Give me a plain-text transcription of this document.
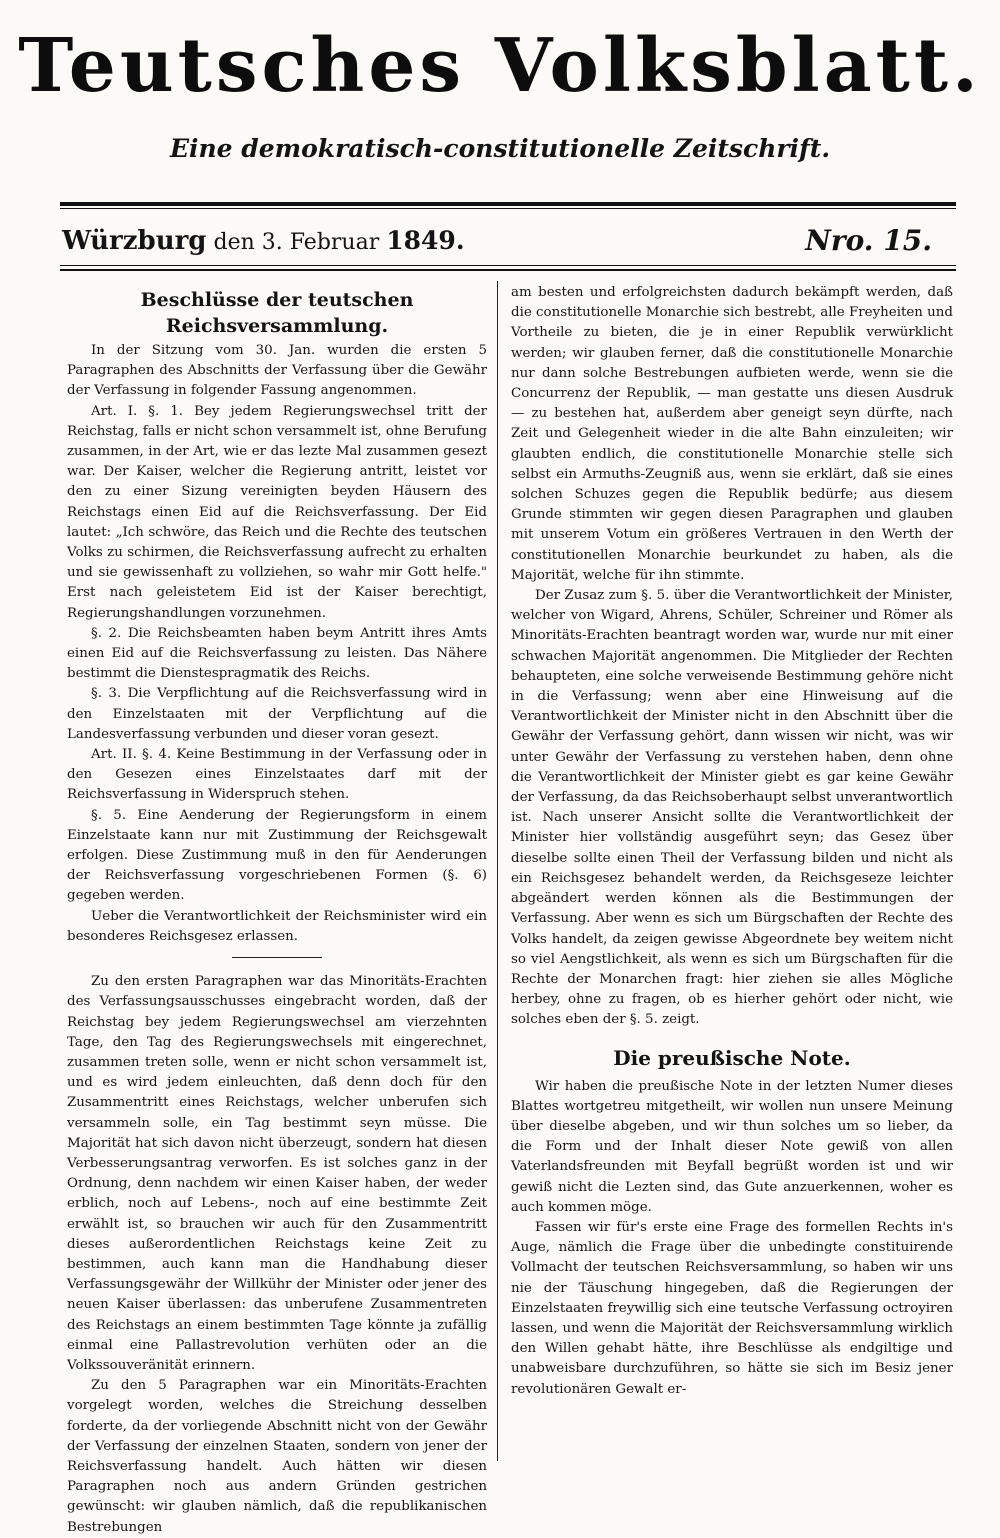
Teutsches Volksblatt.
Eine demokratisch-constitutionelle Zeitschrift.
Würzburg den 3. Februar 1849.	Nro. 15.
Beschlüsse der teutschen Reichsversammlung.

In der Sitzung vom 30. Jan. wurden die ersten 5 Paragraphen des Abschnitts der Verfassung über die Gewähr der Verfassung in folgender Fassung angenommen.

Art. I. §. 1. Bey jedem Regierungswechsel tritt der Reichstag, falls er nicht schon versammelt ist, ohne Berufung zusammen, in der Art, wie er das lezte Mal zusammen gesezt war. Der Kaiser, welcher die Regierung antritt, leistet vor den zu einer Sizung vereinigten beyden Häusern des Reichstags einen Eid auf die Reichsverfassung. Der Eid lautet: „Ich schwöre, das Reich und die Rechte des teutschen Volks zu schirmen, die Reichsverfassung aufrecht zu erhalten und sie gewissenhaft zu vollziehen, so wahr mir Gott helfe." Erst nach geleistetem Eid ist der Kaiser berechtigt, Regierungshandlungen vorzunehmen.

§. 2. Die Reichsbeamten haben beym Antritt ihres Amts einen Eid auf die Reichsverfassung zu leisten. Das Nähere bestimmt die Dienstespragmatik des Reichs.

§. 3. Die Verpflichtung auf die Reichsverfassung wird in den Einzelstaaten mit der Verpflichtung auf die Landesverfassung verbunden und dieser voran gesezt.

Art. II. §. 4. Keine Bestimmung in der Verfassung oder in den Gesezen eines Einzelstaates darf mit der Reichsverfassung in Widerspruch stehen.

§. 5. Eine Aenderung der Regierungsform in einem Einzelstaate kann nur mit Zustimmung der Reichsgewalt erfolgen. Diese Zustimmung muß in den für Aenderungen der Reichsverfassung vorgeschriebenen Formen (§. 6) gegeben werden.

Ueber die Verantwortlichkeit der Reichsminister wird ein besonderes Reichsgesez erlassen.

Zu den ersten Paragraphen war das Minoritäts-Erachten des Verfassungsausschusses eingebracht worden, daß der Reichstag bey jedem Regierungswechsel am vierzehnten Tage, den Tag des Regierungswechsels mit eingerechnet, zusammen treten solle, wenn er nicht schon versammelt ist, und es wird jedem einleuchten, daß denn doch für den Zusammentritt eines Reichstags, welcher unberufen sich versammeln solle, ein Tag bestimmt seyn müsse. Die Majorität hat sich davon nicht überzeugt, sondern hat diesen Verbesserungsantrag verworfen. Es ist solches ganz in der Ordnung, denn nachdem wir einen Kaiser haben, der weder erblich, noch auf Lebens-, noch auf eine bestimmte Zeit erwählt ist, so brauchen wir auch für den Zusammentritt dieses außerordentlichen Reichstags keine Zeit zu bestimmen, auch kann man die Handhabung dieser Verfassungsgewähr der Willkühr der Minister oder jener des neuen Kaiser überlassen: das unberufene Zusammentreten des Reichstags an einem bestimmten Tage könnte ja zufällig einmal eine Pallastrevolution verhüten oder an die Volkssouveränität erinnern.

Zu den 5 Paragraphen war ein Minoritäts-Erachten vorgelegt worden, welches die Streichung desselben forderte, da der vorliegende Abschnitt nicht von der Gewähr der Verfassung der einzelnen Staaten, sondern von jener der Reichsverfassung handelt. Auch hätten wir diesen Paragraphen noch aus andern Gründen gestrichen gewünscht: wir glauben nämlich, daß die republikanischen Bestrebungen

am besten und erfolgreichsten dadurch bekämpft werden, daß die constitutionelle Monarchie sich bestrebt, alle Freyheiten und Vortheile zu bieten, die je in einer Republik verwürklicht werden; wir glauben ferner, daß die constitutionelle Monarchie nur dann solche Bestrebungen aufbieten werde, wenn sie die Concurrenz der Republik, — man gestatte uns diesen Ausdruk — zu bestehen hat, außerdem aber geneigt seyn dürfte, nach Zeit und Gelegenheit wieder in die alte Bahn einzuleiten; wir glaubten endlich, die constitutionelle Monarchie stelle sich selbst ein Armuths-Zeugniß aus, wenn sie erklärt, daß sie eines solchen Schuzes gegen die Republik bedürfe; aus diesem Grunde stimmten wir gegen diesen Paragraphen und glauben mit unserem Votum ein größeres Vertrauen in den Werth der constitutionellen Monarchie beurkundet zu haben, als die Majorität, welche für ihn stimmte.

Der Zusaz zum §. 5. über die Verantwortlichkeit der Minister, welcher von Wigard, Ahrens, Schüler, Schreiner und Römer als Minoritäts-Erachten beantragt worden war, wurde nur mit einer schwachen Majorität angenommen. Die Mitglieder der Rechten behaupteten, eine solche verweisende Bestimmung gehöre nicht in die Verfassung; wenn aber eine Hinweisung auf die Verantwortlichkeit der Minister nicht in den Abschnitt über die Gewähr der Verfassung gehört, dann wissen wir nicht, was wir unter Gewähr der Verfassung zu verstehen haben, denn ohne die Verantwortlichkeit der Minister giebt es gar keine Gewähr der Verfassung, da das Reichsoberhaupt selbst unverantwortlich ist. Nach unserer Ansicht sollte die Verantwortlichkeit der Minister hier vollständig ausgeführt seyn; das Gesez über dieselbe sollte einen Theil der Verfassung bilden und nicht als ein Reichsgesez behandelt werden, da Reichsgeseze leichter abgeändert werden können als die Bestimmungen der Verfassung. Aber wenn es sich um Bürgschaften der Rechte des Volks handelt, da zeigen gewisse Abgeordnete bey weitem nicht so viel Aengstlichkeit, als wenn es sich um Bürgschaften für die Rechte der Monarchen fragt: hier ziehen sie alles Mögliche herbey, ohne zu fragen, ob es hierher gehört oder nicht, wie solches eben der §. 5. zeigt.

Die preußische Note.

Wir haben die preußische Note in der letzten Numer dieses Blattes wortgetreu mitgetheilt, wir wollen nun unsere Meinung über dieselbe abgeben, und wir thun solches um so lieber, da die Form und der Inhalt dieser Note gewiß von allen Vaterlandsfreunden mit Beyfall begrüßt worden ist und wir gewiß nicht die Lezten sind, das Gute anzuerkennen, woher es auch kommen möge.

Fassen wir für's erste eine Frage des formellen Rechts in's Auge, nämlich die Frage über die unbedingte constituirende Vollmacht der teutschen Reichsversammlung, so haben wir uns nie der Täuschung hingegeben, daß die Regierungen der Einzelstaaten freywillig sich eine teutsche Verfassung octroyiren lassen, und wenn die Majorität der Reichsversammlung wirklich den Willen gehabt hätte, ihre Beschlüsse als endgiltige und unabweisbare durchzuführen, so hätte sie sich im Besiz jener revolutionären Gewalt er-
